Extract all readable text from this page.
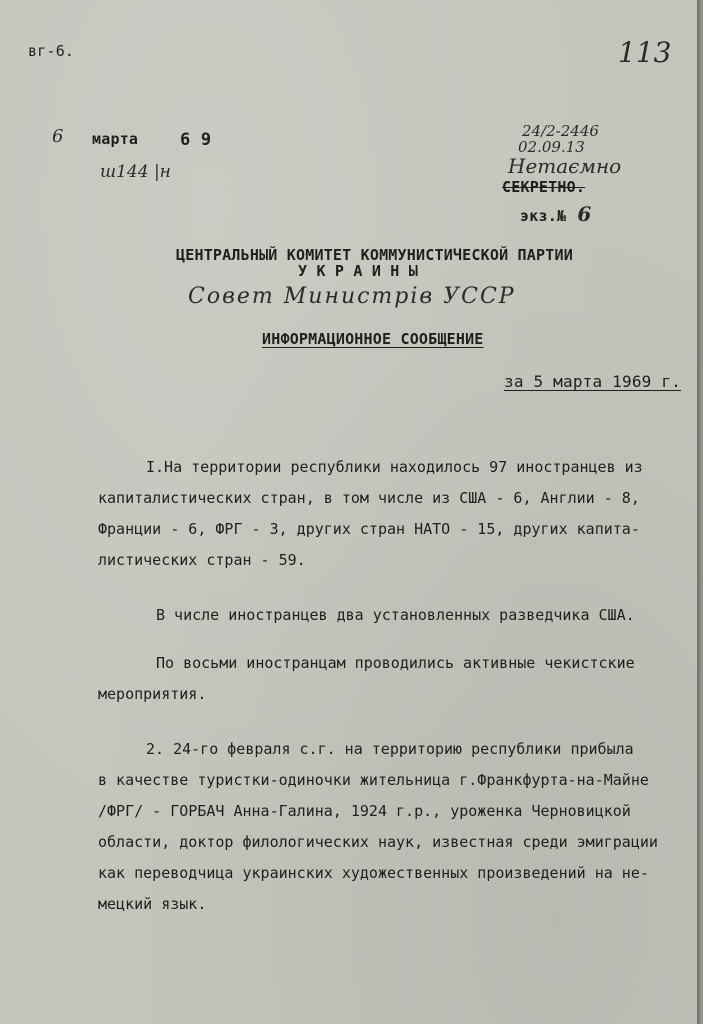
вг-6.	113
6 марта 6 9
ш144 |н
24/2-2446
02.09.13
Нетаємно
СЕКРЕТНО.
экз.№ 6
ЦЕНТРАЛЬНЫЙ КОМИТЕТ КОММУНИСТИЧЕСКОЙ ПАРТИИ
У К Р А И Н Ы
Совет Министрів УССР
ИНФОРМАЦИОННОЕ СООБЩЕНИЕ
за 5 марта 1969 г.
I.На территории республики находилось 97 иностранцев из
капиталистических стран, в том числе из США - 6, Англии - 8,
Франции - 6, ФРГ - 3, других стран НАТО - 15, других капита-
листических стран - 59.
В числе иностранцев два установленных разведчика США.
По восьми иностранцам проводились активные чекистские
мероприятия.
2. 24-го февраля с.г. на территорию республики прибыла
в качестве туристки-одиночки жительница г.Франкфурта-на-Майне
/ФРГ/ - ГОРБАЧ Анна-Галина, 1924 г.р., уроженка Черновицкой
области, доктор филологических наук, известная среди эмиграции
как переводчица украинских художественных произведений на не-
мецкий язык.
